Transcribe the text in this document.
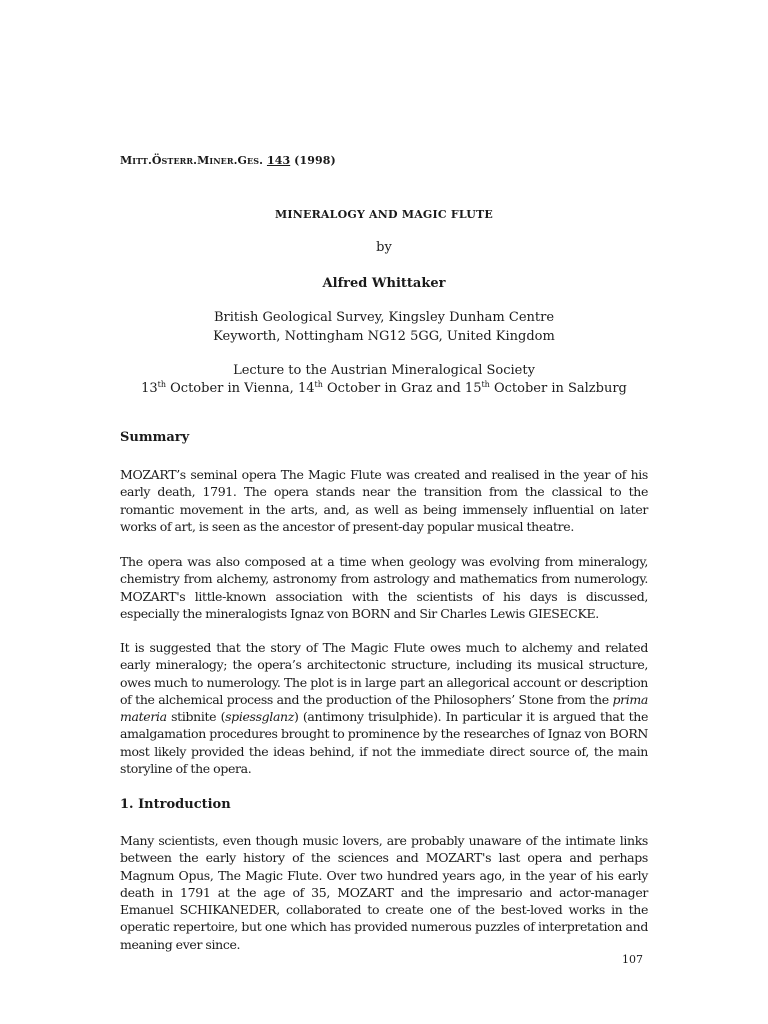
Mitt.Österr.Miner.Ges. 143 (1998)
MINERALOGY AND MAGIC FLUTE
by
Alfred Whittaker
British Geological Survey, Kingsley Dunham Centre
Keyworth, Nottingham NG12 5GG, United Kingdom
Lecture to the Austrian Mineralogical Society
13th October in Vienna, 14th October in Graz and 15th October in Salzburg
Summary

MOZART’s seminal opera The Magic Flute was created and realised in the year of his early death, 1791. The opera stands near the transition from the classical to the romantic movement in the arts, and, as well as being immensely influential on later works of art, is seen as the ancestor of present-day popular musical theatre.

The opera was also composed at a time when geology was evolving from mineralogy, chemistry from alchemy, astronomy from astrology and mathematics from numerology. MOZART's little-known association with the scientists of his days is discussed, especially the mineralogists Ignaz von BORN and Sir Charles Lewis GIESECKE.

It is suggested that the story of The Magic Flute owes much to alchemy and related early mineralogy; the opera’s architectonic structure, including its musical structure, owes much to numerology. The plot is in large part an allegorical account or description of the alchemical process and the production of the Philosophers’ Stone from the prima materia stibnite (spiessglanz) (antimony trisulphide). In particular it is argued that the amalgamation procedures brought to prominence by the researches of Ignaz von BORN most likely provided the ideas behind, if not the immediate direct source of, the main storyline of the opera.

1. Introduction

Many scientists, even though music lovers, are probably unaware of the intimate links between the early history of the sciences and MOZART's last opera and perhaps Magnum Opus, The Magic Flute. Over two hundred years ago, in the year of his early death in 1791 at the age of 35, MOZART and the impresario and actor-manager Emanuel SCHIKANEDER, collaborated to create one of the best-loved works in the operatic repertoire, but one which has provided numerous puzzles of interpretation and meaning ever since.

107
